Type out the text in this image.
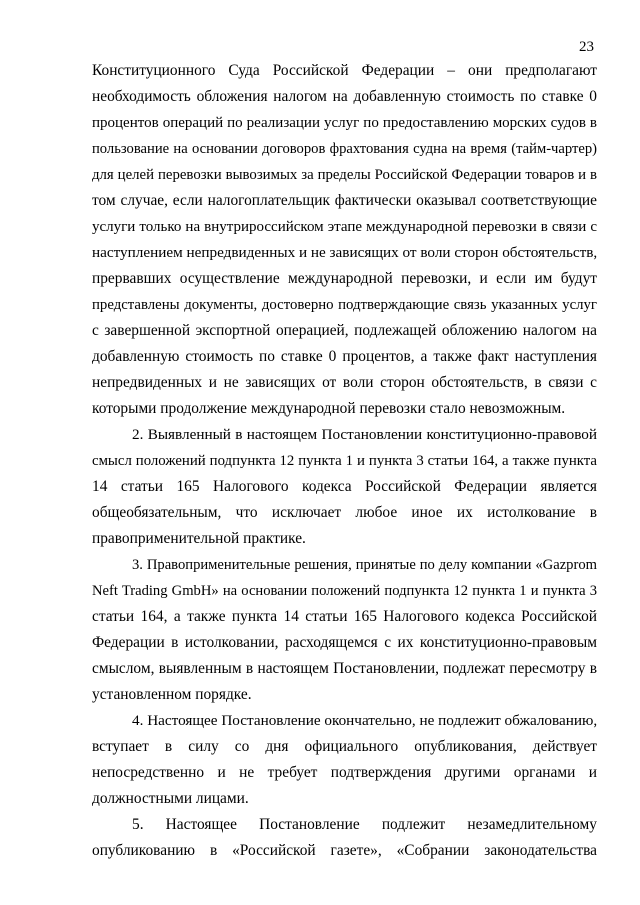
23
Конституционного Суда Российской Федерации – они предполагают
необходимость обложения налогом на добавленную стоимость по ставке 0
процентов операций по реализации услуг по предоставлению морских судов в
пользование на основании договоров фрахтования судна на время (тайм-чартер)
для целей перевозки вывозимых за пределы Российской Федерации товаров и в
том случае, если налогоплательщик фактически оказывал соответствующие
услуги только на внутрироссийском этапе международной перевозки в связи с
наступлением непредвиденных и не зависящих от воли сторон обстоятельств,
прервавших осуществление международной перевозки, и если им будут
представлены документы, достоверно подтверждающие связь указанных услуг
с завершенной экспортной операцией, подлежащей обложению налогом на
добавленную стоимость по ставке 0 процентов, а также факт наступления
непредвиденных и не зависящих от воли сторон обстоятельств, в связи с
которыми продолжение международной перевозки стало невозможным.
2. Выявленный в настоящем Постановлении конституционно-правовой
смысл положений подпункта 12 пункта 1 и пункта 3 статьи 164, а также пункта
14 статьи 165 Налогового кодекса Российской Федерации является
общеобязательным, что исключает любое иное их истолкование в
правоприменительной практике.
3. Правоприменительные решения, принятые по делу компании «Gazprom
Neft Trading GmbH» на основании положений подпункта 12 пункта 1 и пункта 3
статьи 164, а также пункта 14 статьи 165 Налогового кодекса Российской
Федерации в истолковании, расходящемся с их конституционно-правовым
смыслом, выявленным в настоящем Постановлении, подлежат пересмотру в
установленном порядке.
4. Настоящее Постановление окончательно, не подлежит обжалованию,
вступает в силу со дня официального опубликования, действует
непосредственно и не требует подтверждения другими органами и
должностными лицами.
5. Настоящее Постановление подлежит незамедлительному
опубликованию в «Российской газете», «Собрании законодательства
